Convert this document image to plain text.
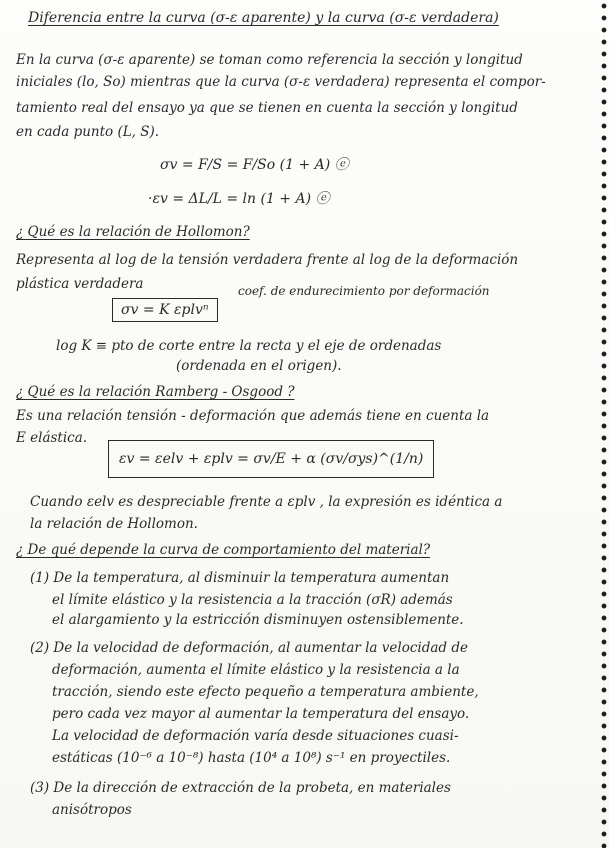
Diferencia entre la curva (σ-ε aparente) y la curva (σ-ε verdadera)
En la curva (σ-ε aparente) se toman como referencia la sección y longitud
iniciales (lo, So) mientras que la curva (σ-ε verdadera) representa el compor-
tamiento real del ensayo ya que se tienen en cuenta la sección y longitud
en cada punto (L, S).
σv = F/S = F/So (1 + A) ⓔ
·εv = ΔL/L = ln (1 + A) ⓔ
¿ Qué es la relación de Hollomon?
Representa al log de la tensión verdadera frente al log de la deformación
plástica verdadera
σv = K εplvⁿ
coef. de endurecimiento por deformación
log K ≡ pto de corte entre la recta y el eje de ordenadas
(ordenada en el origen).
¿ Qué es la relación Ramberg - Osgood ?
Es una relación tensión - deformación que además tiene en cuenta la
E elástica.
εv = εelv + εplv = σv/E + α (σv/σys)^(1/n)
Cuando εelv es despreciable frente a εplv , la expresión es idéntica a
la relación de Hollomon.
¿ De qué depende la curva de comportamiento del material?
(1) De la temperatura, al disminuir la temperatura aumentan
el límite elástico y la resistencia a la tracción (σR) además
el alargamiento y la estricción disminuyen ostensiblemente.
(2) De la velocidad de deformación, al aumentar la velocidad de
deformación, aumenta el límite elástico y la resistencia a la
tracción, siendo este efecto pequeño a temperatura ambiente,
pero cada vez mayor al aumentar la temperatura del ensayo.
La velocidad de deformación varía desde situaciones cuasi-
estáticas (10⁻⁶ a 10⁻⁸) hasta (10⁴ a 10⁸) s⁻¹ en proyectiles.
(3) De la dirección de extracción de la probeta, en materiales
anisótropos
